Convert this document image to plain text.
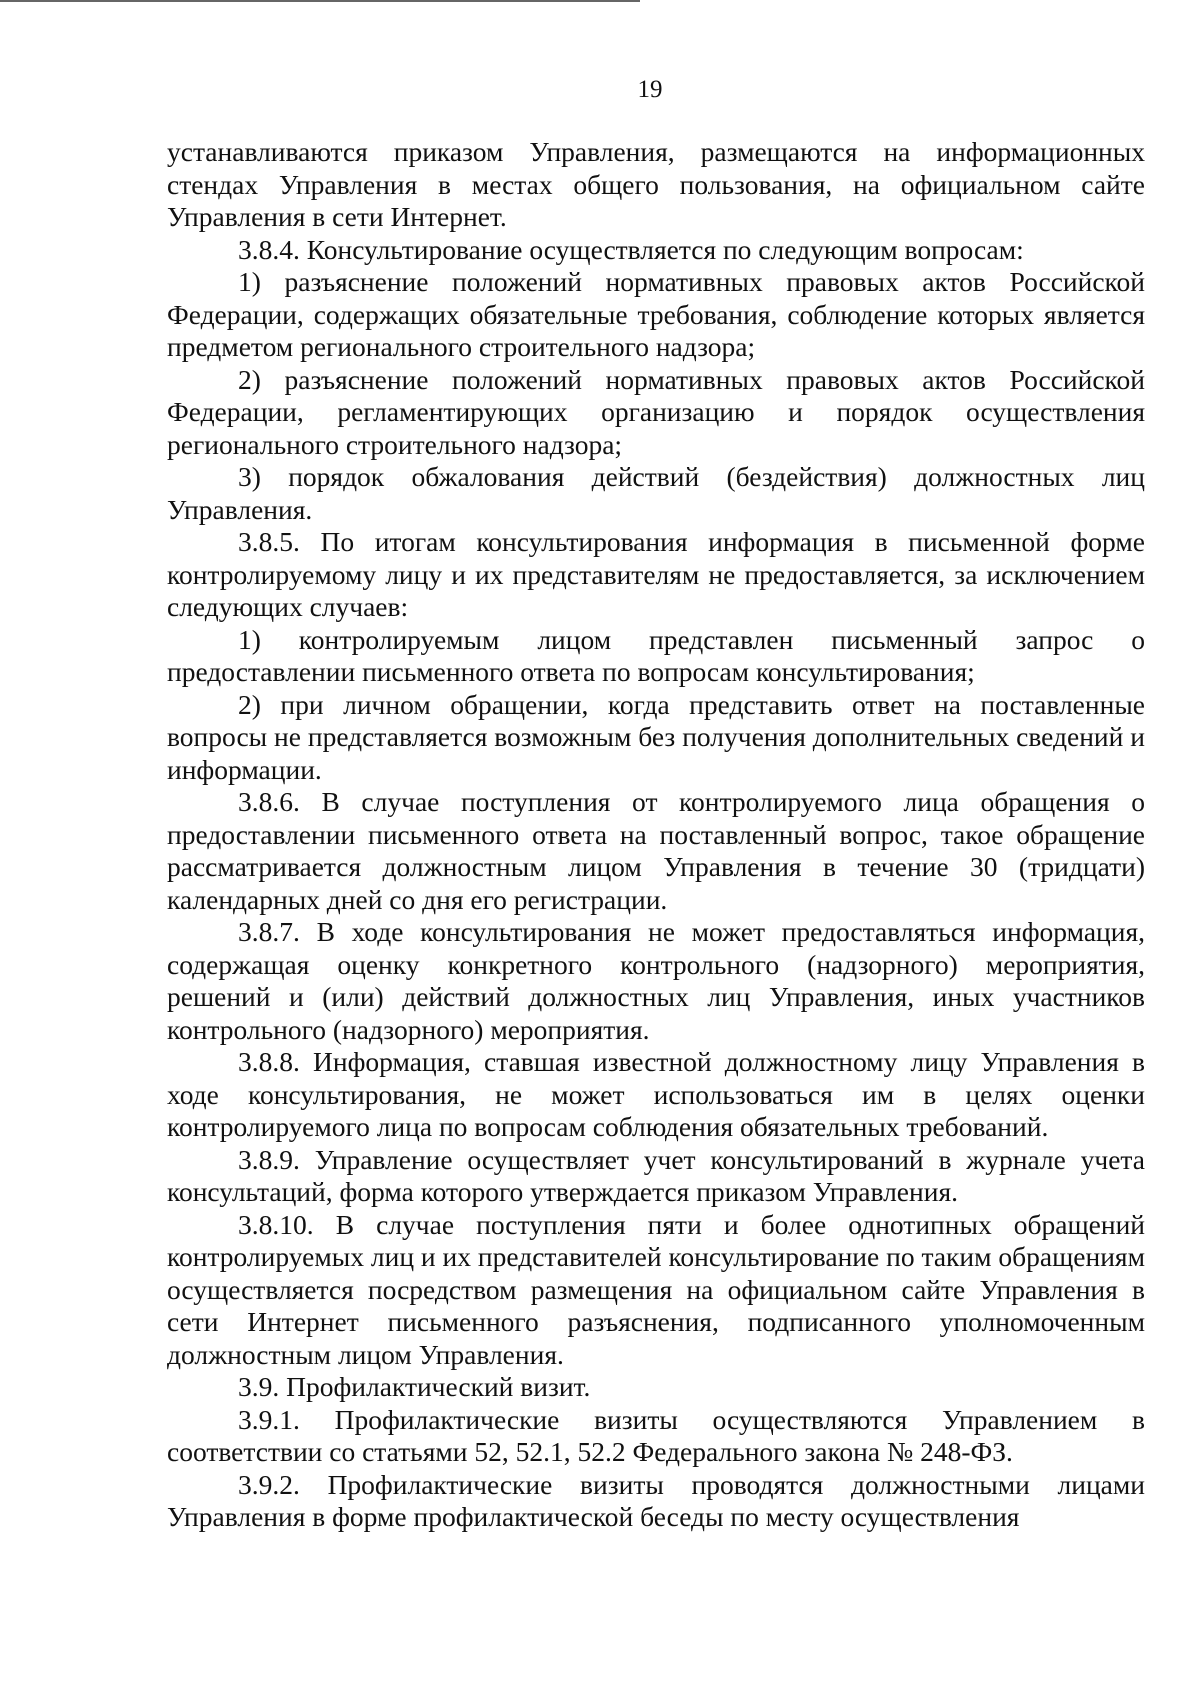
19

устанавливаются приказом Управления, размещаются на информационных стендах Управления в местах общего пользования, на официальном сайте Управления в сети Интернет.

3.8.4. Консультирование осуществляется по следующим вопросам:

1) разъяснение положений нормативных правовых актов Российской Федерации, содержащих обязательные требования, соблюдение которых является предметом регионального строительного надзора;

2) разъяснение положений нормативных правовых актов Российской Федерации, регламентирующих организацию и порядок осуществления регионального строительного надзора;

3) порядок обжалования действий (бездействия) должностных лиц Управления.

3.8.5. По итогам консультирования информация в письменной форме контролируемому лицу и их представителям не предоставляется, за исключением следующих случаев:

1) контролируемым лицом представлен письменный запрос о предоставлении письменного ответа по вопросам консультирования;

2) при личном обращении, когда представить ответ на поставленные вопросы не представляется возможным без получения дополнительных сведений и информации.

3.8.6. В случае поступления от контролируемого лица обращения о предоставлении письменного ответа на поставленный вопрос, такое обращение рассматривается должностным лицом Управления в течение 30 (тридцати) календарных дней со дня его регистрации.

3.8.7. В ходе консультирования не может предоставляться информация, содержащая оценку конкретного контрольного (надзорного) мероприятия, решений и (или) действий должностных лиц Управления, иных участников контрольного (надзорного) мероприятия.

3.8.8. Информация, ставшая известной должностному лицу Управления в ходе консультирования, не может использоваться им в целях оценки контролируемого лица по вопросам соблюдения обязательных требований.

3.8.9. Управление осуществляет учет консультирований в журнале учета консультаций, форма которого утверждается приказом Управления.

3.8.10. В случае поступления пяти и более однотипных обращений контролируемых лиц и их представителей консультирование по таким обращениям осуществляется посредством размещения на официальном сайте Управления в сети Интернет письменного разъяснения, подписанного уполномоченным должностным лицом Управления.

3.9. Профилактический визит.

3.9.1. Профилактические визиты осуществляются Управлением в соответствии со статьями 52, 52.1, 52.2 Федерального закона № 248-ФЗ.

3.9.2. Профилактические визиты проводятся должностными лицами Управления в форме профилактической беседы по месту осуществления
